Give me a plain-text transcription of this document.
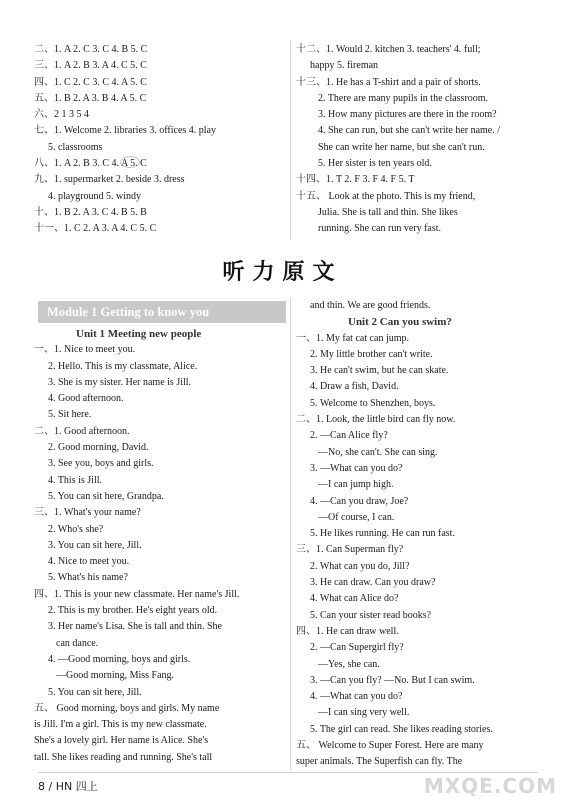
二、1. A 2. C 3. C 4. B 5. C
三、1. A 2. B 3. A 4. C 5. C
四、1. C 2. C 3. C 4. A 5. C
五、1. B 2. A 3. B 4. A 5. C
六、2 1 3 5 4
七、1. Welcome 2. libraries 3. offices 4. play
5. classrooms
八、1. A 2. B 3. C 4. A 5. C
九、1. supermarket 2. beside 3. dress
4. playground 5. windy
十、1. B 2. A 3. C 4. B 5. B
十一、1. C 2. A 3. A 4. C 5. C
十二、1. Would 2. kitchen 3. teachers' 4. full;
happy 5. fireman
十三、1. He has a T-shirt and a pair of shorts.
2. There are many pupils in the classroom.
3. How many pictures are there in the room?
4. She can run, but she can't write her name. /
She can write her name, but she can't run.
5. Her sister is ten years old.
十四、1. T 2. F 3. F 4. F 5. T
十五、 Look at the photo. This is my friend,
Julia. She is tall and thin. She likes
running. She can run very fast.
听力原文
Module 1 Getting to know you
Unit 1 Meeting new people
一、1. Nice to meet you.
2. Hello. This is my classmate, Alice.
3. She is my sister. Her name is Jill.
4. Good afternoon.
5. Sit here.
二、1. Good afternoon.
2. Good morning, David.
3. See you, boys and girls.
4. This is Jill.
5. You can sit here, Grandpa.
三、1. What's your name?
2. Who's she?
3. You can sit here, Jill.
4. Nice to meet you.
5. What's his name?
四、1. This is your new classmate. Her name's Jill.
2. This is my brother. He's eight years old.
3. Her name's Lisa. She is tall and thin. She
can dance.
4. —Good morning, boys and girls.
—Good morning, Miss Fang.
5. You can sit here, Jill.
五、 Good morning, boys and girls. My name
is Jill. I'm a girl. This is my new classmate.
She's a lovely girl. Her name is Alice. She's
tall. She likes reading and running. She's tall
and thin. We are good friends.
Unit 2 Can you swim?
一、1. My fat cat can jump.
2. My little brother can't write.
3. He can't swim, but he can skate.
4. Draw a fish, David.
5. Welcome to Shenzhen, boys.
二、1. Look, the little bird can fly now.
2. —Can Alice fly?
—No, she can't. She can sing.
3. —What can you do?
—I can jump high.
4. —Can you draw, Joe?
—Of course, I can.
5. He likes running. He can run fast.
三、1. Can Superman fly?
2. What can you do, Jill?
3. He can draw. Can you draw?
4. What can Alice do?
5. Can your sister read books?
四、1. He can draw well.
2. —Can Supergirl fly?
—Yes, she can.
3. —Can you fly? —No. But I can swim.
4. —What can you do?
—I can sing very well.
5. The girl can read. She likes reading stories.
五、 Welcome to Super Forest. Here are many
super animals. The Superfish can fly. The
8 / HN 四上	MXQE.COM
